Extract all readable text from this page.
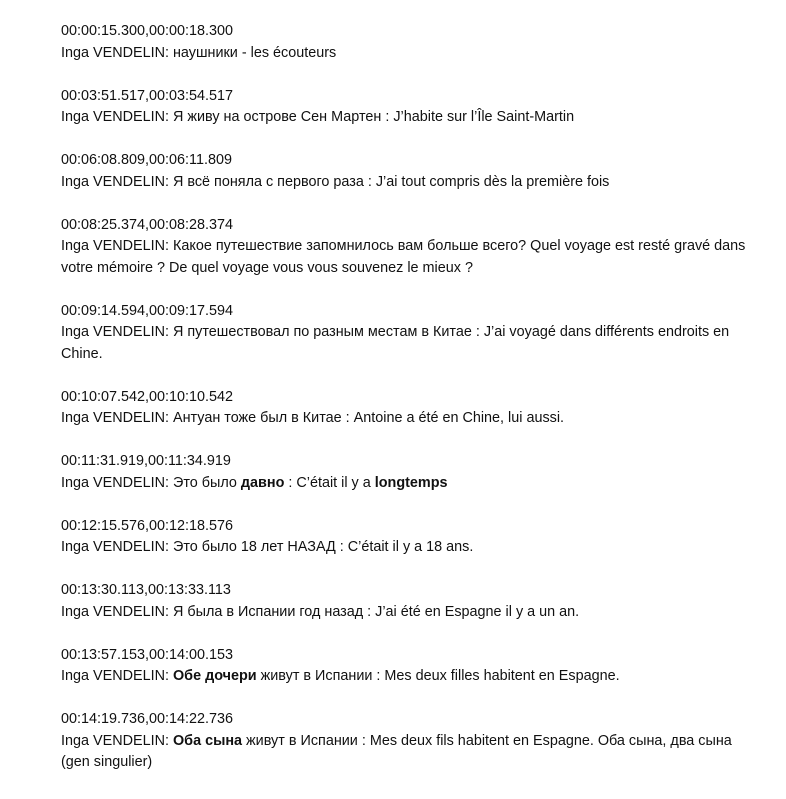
00:00:15.300,00:00:18.300
Inga VENDELIN: наушники - les écouteurs
00:03:51.517,00:03:54.517
Inga VENDELIN: Я живу на острове Сен Мартен : J’habite sur l’Île Saint-Martin
00:06:08.809,00:06:11.809
Inga VENDELIN: Я всё поняла с первого раза : J’ai tout compris dès la première fois
00:08:25.374,00:08:28.374
Inga VENDELIN: Какое путешествие запомнилось вам больше всего? Quel voyage est resté gravé dans votre mémoire ? De quel voyage vous vous souvenez le mieux ?
00:09:14.594,00:09:17.594
Inga VENDELIN: Я путешествовал по разным местам в Китае : J’ai voyagé dans différents endroits en Chine.
00:10:07.542,00:10:10.542
Inga VENDELIN: Антуан тоже был в Китае : Antoine a été en Chine, lui aussi.
00:11:31.919,00:11:34.919
Inga VENDELIN: Это было давно : C’était il y a longtemps
00:12:15.576,00:12:18.576
Inga VENDELIN: Это было 18 лет НАЗАД : C’était il y a 18 ans.
00:13:30.113,00:13:33.113
Inga VENDELIN: Я была в Испании год назад : J’ai été en Espagne il y a un an.
00:13:57.153,00:14:00.153
Inga VENDELIN: Обе дочери живут в Испании : Mes deux filles habitent en Espagne.
00:14:19.736,00:14:22.736
Inga VENDELIN: Оба сына живут в Испании : Mes deux fils habitent en Espagne. Оба сына, два сына (gen singulier)
